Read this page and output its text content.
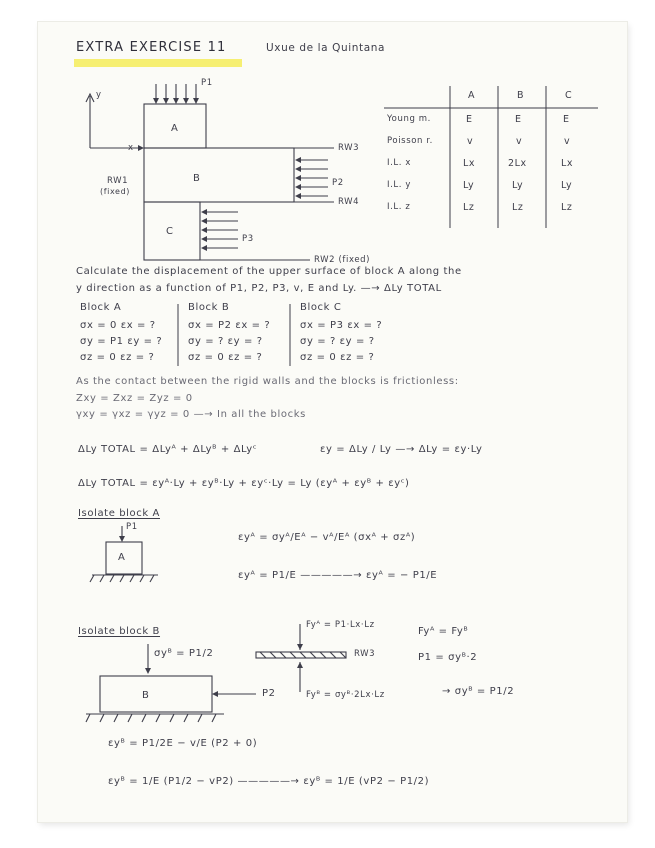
EXTRA EXERCISE 11	Uxue de la Quintana
y
x
A
B
C
P1
P2
P3
RW1
(fixed)
RW3
RW4
RW2 (fixed)
A	B	C
Young m.	E	E	E
Poisson r.	v	v	v
I.L. x	Lx	2Lx	Lx
I.L. y	Ly	Ly	Ly
I.L. z	Lz	Lz	Lz
Calculate the displacement of the upper surface of block A along the
y direction as a function of P1, P2, P3, v, E and Ly. —→ ΔLy TOTAL
Block A
σx = 0 εx = ?
σy = P1 εy = ?
σz = 0 εz = ?
Block B
σx = P2 εx = ?
σy = ? εy = ?
σz = 0 εz = ?
Block C
σx = P3 εx = ?
σy = ? εy = ?
σz = 0 εz = ?
As the contact between the rigid walls and the blocks is frictionless:
Zxy = Zxz = Zyz = 0
γxy = γxz = γyz = 0 —→ In all the blocks
ΔLy TOTAL = ΔLyᴬ + ΔLyᴮ + ΔLyᶜ	εy = ΔLy / Ly —→ ΔLy = εy·Ly
ΔLy TOTAL = εyᴬ·Ly + εyᴮ·Ly + εyᶜ·Ly = Ly (εyᴬ + εyᴮ + εyᶜ)
Isolate block A
P1
A
εyᴬ = σyᴬ/Eᴬ − vᴬ/Eᴬ (σxᴬ + σzᴬ)
εyᴬ = P1/E —————→ εyᴬ = − P1/E
Isolate block B
σyᴮ = P1/2
B	P2
Fyᴬ = P1·Lx·Lz
RW3
Fyᴮ = σyᴮ·2Lx·Lz
Fyᴬ = Fyᴮ
P1 = σyᴮ·2
→ σyᴮ = P1/2
εyᴮ = P1/2E − v/E (P2 + 0)
εyᴮ = 1/E (P1/2 − vP2) —————→ εyᴮ = 1/E (vP2 − P1/2)
